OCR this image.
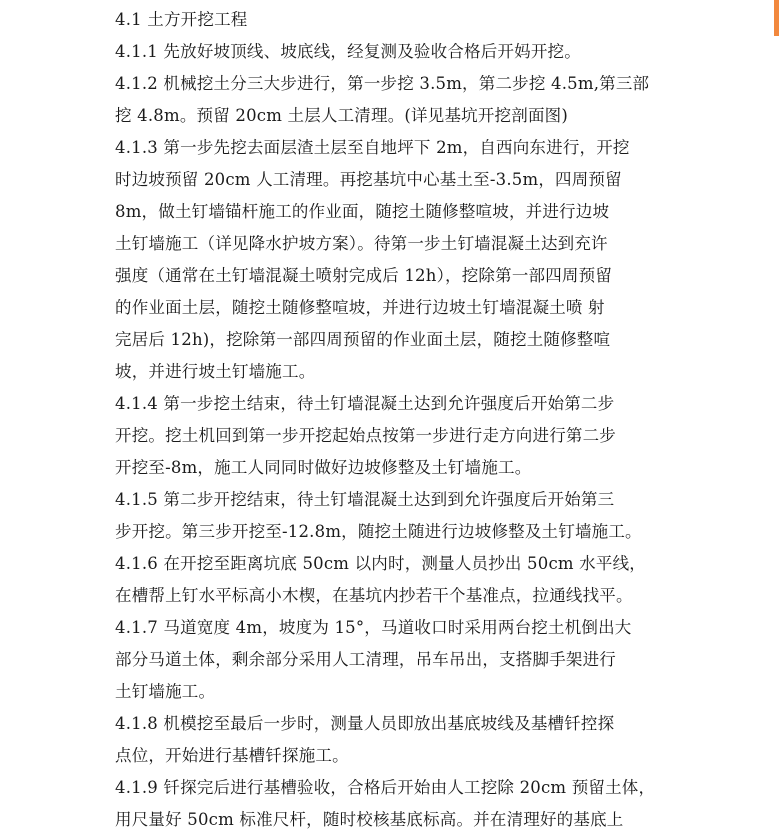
4.1 土方开挖工程
4.1.1 先放好坡顶线、坡底线，经复测及验收合格后开妈开挖。
4.1.2 机械挖土分三大步进行，第一步挖 3.5m，第二步挖 4.5m,第三部
挖 4.8m。预留 20cm 土层人工清理。(详见基坑开挖剖面图)
4.1.3 第一步先挖去面层渣土层至自地坪下 2m，自西向东进行，开挖
时边坡预留 20cm 人工清理。再挖基坑中心基土至-3.5m，四周预留
8m，做土钉墙锚杆施工的作业面，随挖土随修整喧坡，并进行边坡
土钉墙施工（详见降水护坡方案）。待第一步土钉墙混凝土达到充许
强度（通常在土钉墙混凝土喷射完成后 12h），挖除第一部四周预留
的作业面土层，随挖土随修整喧坡，并进行边坡土钉墙混凝土喷 射
完居后 12h)，挖除第一部四周预留的作业面土层，随挖土随修整喧
坡，并进行坡土钉墙施工。
4.1.4 第一步挖土结束，待土钉墙混凝土达到允许强度后开始第二步
开挖。挖土机回到第一步开挖起始点按第一步进行走方向进行第二步
开挖至-8m，施工人同同时做好边坡修整及土钉墙施工。
4.1.5 第二步开挖结束，待土钉墙混凝土达到到允许强度后开始第三
步开挖。第三步开挖至-12.8m，随挖土随进行边坡修整及土钉墙施工。
4.1.6 在开挖至距离坑底 50cm 以内时，测量人员抄出 50cm 水平线，
在槽帮上钉水平标高小木楔，在基坑内抄若干个基准点，拉通线找平。
4.1.7 马道宽度 4m，坡度为 15°，马道收口时采用两台挖土机倒出大
部分马道土体，剩余部分采用人工清理，吊车吊出，支搭脚手架进行
土钉墙施工。
4.1.8 机模挖至最后一步时，测量人员即放出基底坡线及基槽钎控探
点位，开始进行基槽钎探施工。
4.1.9 钎探完后进行基槽验收，合格后开始由人工挖除 20cm 预留土体，
用尺量好 50cm 标准尺杆，随时校核基底标高。并在清理好的基底上
